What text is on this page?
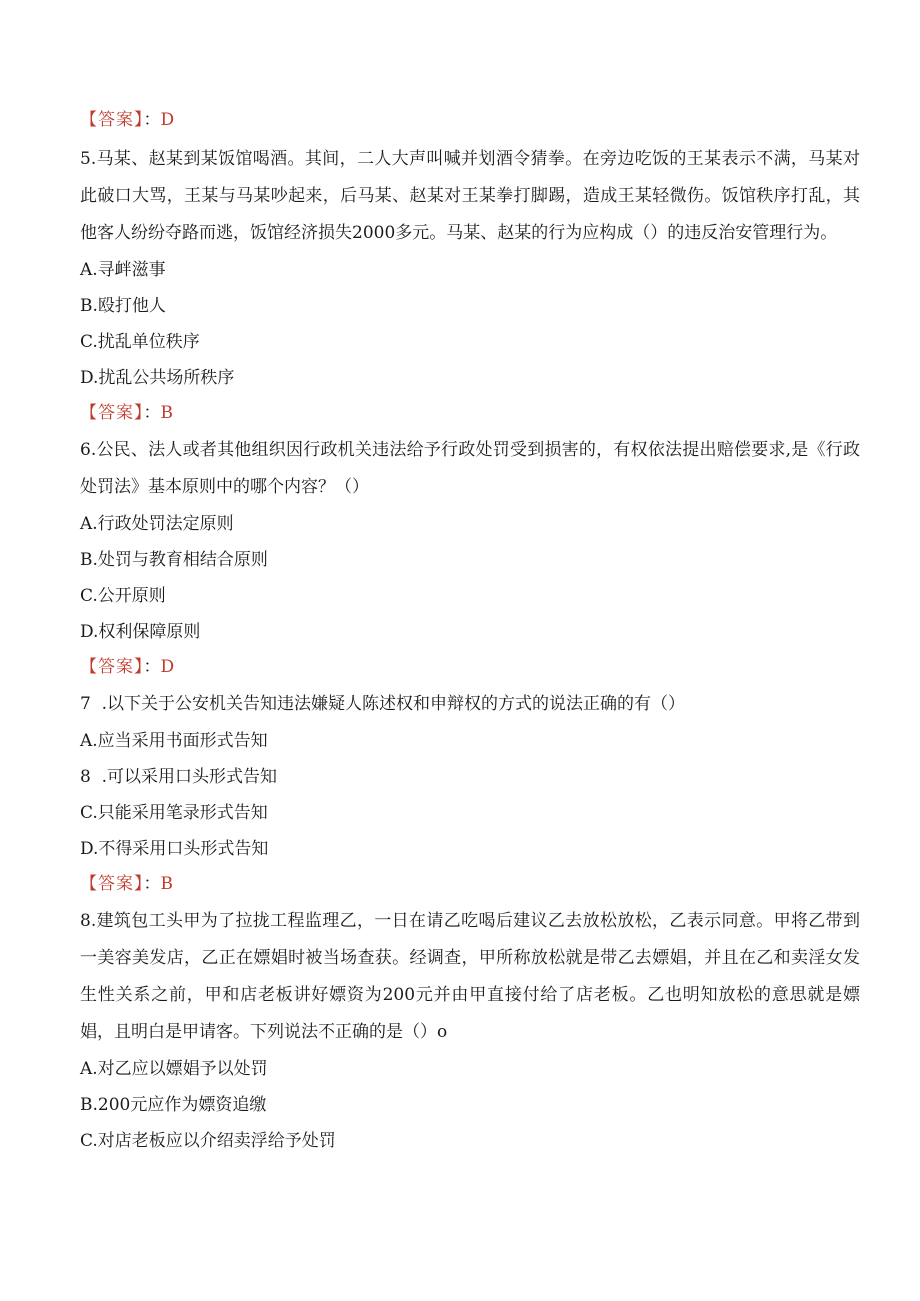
【答案】：D

5.马某、赵某到某饭馆喝酒。其间，二人大声叫喊并划酒令猜拳。在旁边吃饭的王某表示不满，马某对此破口大骂，王某与马某吵起来，后马某、赵某对王某拳打脚踢，造成王某轻微伤。饭馆秩序打乱，其他客人纷纷夺路而逃，饭馆经济损失2000多元。马某、赵某的行为应构成（）的违反治安管理行为。

A.寻衅滋事

B.殴打他人

C.扰乱单位秩序

D.扰乱公共场所秩序

【答案】：B

6.公民、法人或者其他组织因行政机关违法给予行政处罚受到损害的，有权依法提出赔偿要求,是《行政处罚法》基本原则中的哪个内容？（）

A.行政处罚法定原则

B.处罚与教育相结合原则

C.公开原则

D.权利保障原则

【答案】：D

7  .以下关于公安机关告知违法嫌疑人陈述权和申辩权的方式的说法正确的有（）

A.应当采用书面形式告知

8  .可以采用口头形式告知

C.只能采用笔录形式告知

D.不得采用口头形式告知

【答案】：B

8.建筑包工头甲为了拉拢工程监理乙，一日在请乙吃喝后建议乙去放松放松，乙表示同意。甲将乙带到一美容美发店，乙正在嫖娼时被当场查获。经调查，甲所称放松就是带乙去嫖娼，并且在乙和卖淫女发生性关系之前，甲和店老板讲好嫖资为200元并由甲直接付给了店老板。乙也明知放松的意思就是嫖娼，且明白是甲请客。下列说法不正确的是（）o

A.对乙应以嫖娼予以处罚

B.200元应作为嫖资追缴

C.对店老板应以介绍卖浮给予处罚
